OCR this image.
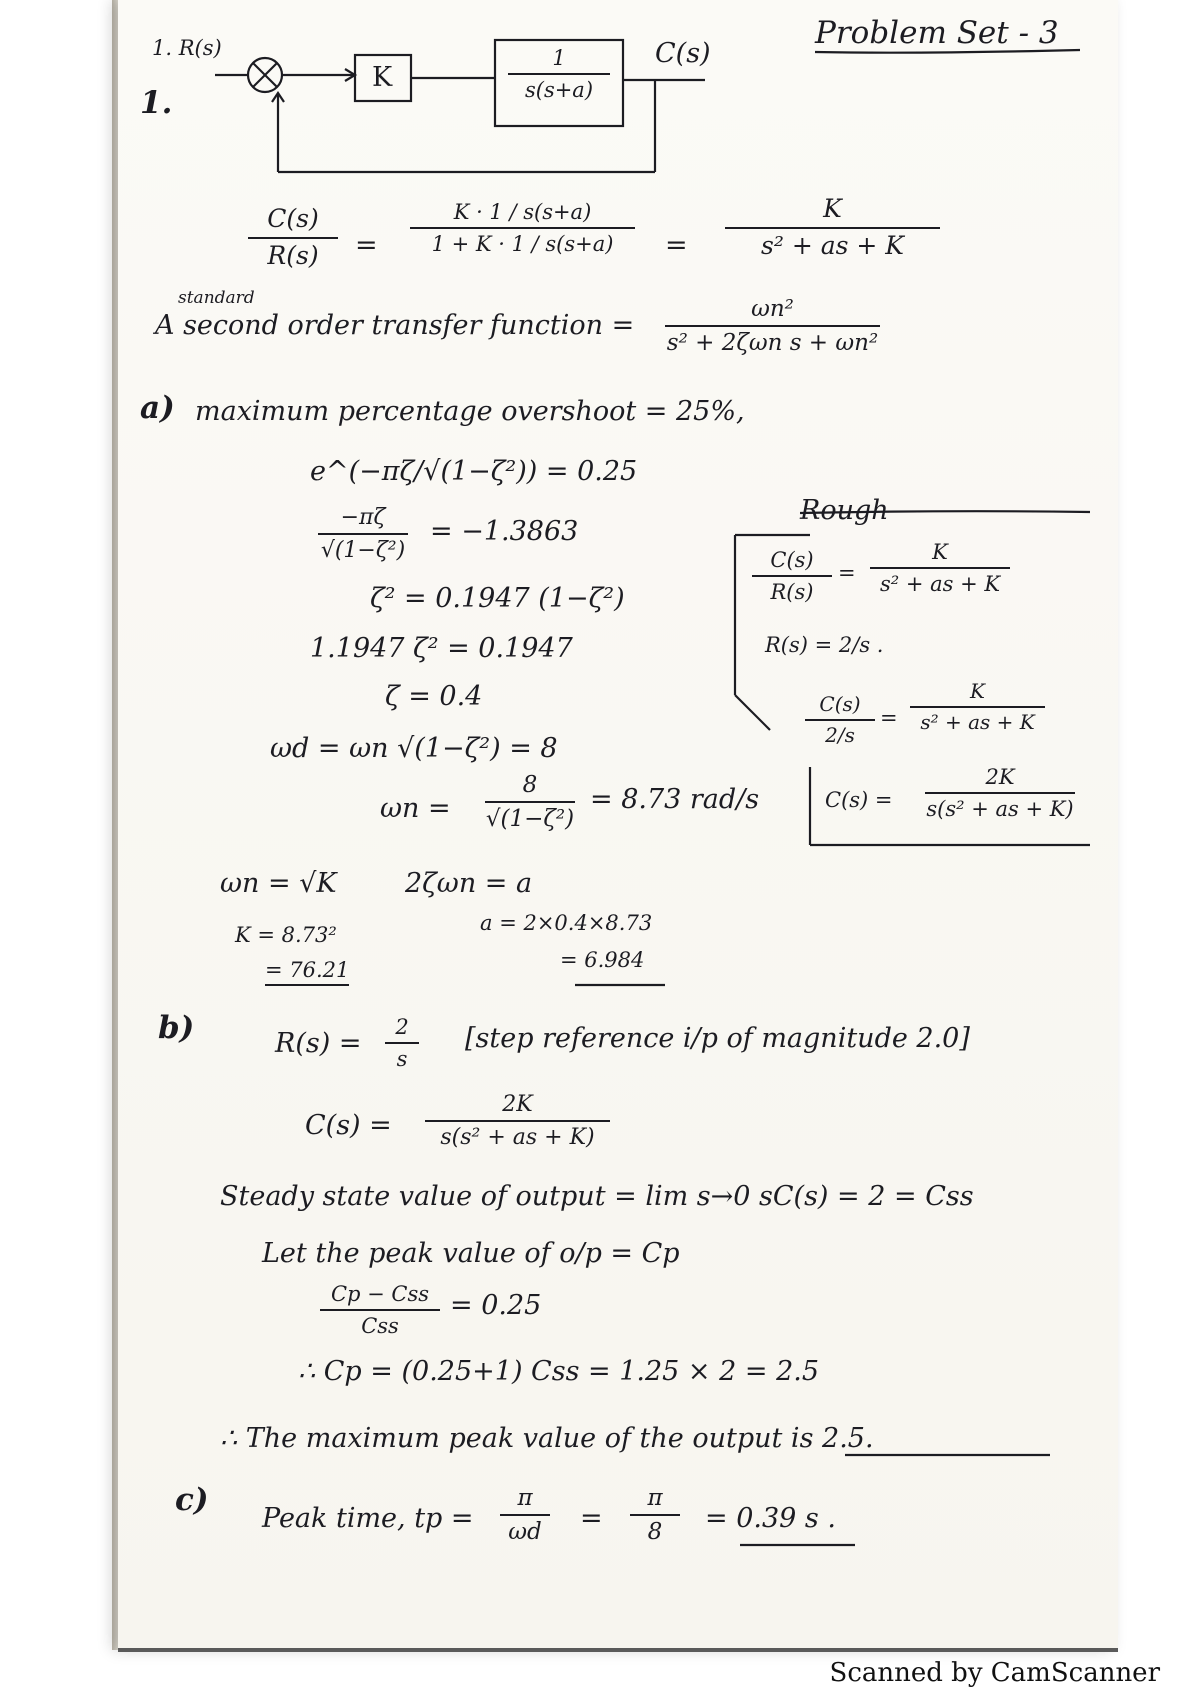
Problem Set - 3
1.
1. R(s)
K
1
s(s+a)
C(s)
C(s)
R(s) =
K · 1 / s(s+a)
1 + K · 1 / s(s+a) =
K
s² + as + K
standard
A second order transfer function =
ωn²
s² + 2ζωn s + ωn²
a) maximum percentage overshoot = 25%,
e^(−πζ/√(1−ζ²)) = 0.25
−πζ
√(1−ζ²)
= −1.3863
ζ² = 0.1947 (1−ζ²)
1.1947 ζ² = 0.1947
ζ = 0.4
ωd = ωn √(1−ζ²) = 8
ωn =
8
√(1−ζ²)
= 8.73 rad/s
ωn = √K	2ζωn = a
K = 8.73²	a = 2×0.4×8.73
= 76.21	= 6.984
Rough
C(s)
R(s)
=
K
s² + as + K
R(s) = 2/s .
C(s)
2/s
=
K
s² + as + K
C(s) =
2K
s(s² + as + K)
b)	R(s) =
2
s
[step reference i/p of magnitude 2.0]
C(s) =
2K
s(s² + as + K)
Steady state value of output = lim s→0 sC(s) = 2 = Css
Let the peak value of o/p = Cp
Cp − Css
Css
= 0.25
∴ Cp = (0.25+1) Css = 1.25 × 2 = 2.5
∴ The maximum peak value of the output is 2.5.
c)
Peak time, tp =
π
ωd =
π
8 = 0.39 s .
Scanned by CamScanner
